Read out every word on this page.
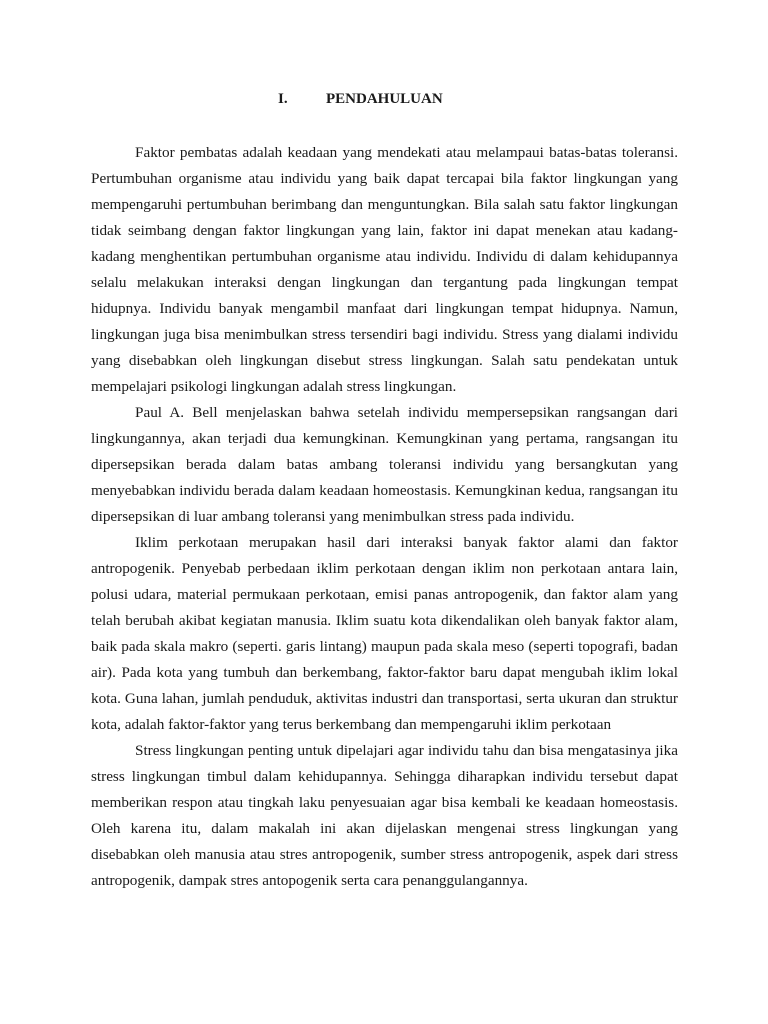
I.	PENDAHULUAN

Faktor pembatas adalah keadaan yang mendekati atau melampaui batas-batas toleransi. Pertumbuhan organisme atau individu yang baik dapat tercapai bila faktor lingkungan yang mempengaruhi pertumbuhan berimbang dan menguntungkan. Bila salah satu faktor lingkungan tidak seimbang dengan faktor lingkungan yang lain, faktor ini dapat menekan atau kadang-kadang menghentikan pertumbuhan organisme atau individu. Individu di dalam kehidupannya selalu melakukan interaksi dengan lingkungan dan tergantung pada lingkungan tempat hidupnya. Individu banyak mengambil manfaat dari lingkungan tempat hidupnya. Namun, lingkungan juga bisa menimbulkan stress tersendiri bagi individu. Stress yang dialami individu yang disebabkan oleh lingkungan disebut stress lingkungan. Salah satu pendekatan untuk mempelajari psikologi lingkungan adalah stress lingkungan.

Paul A. Bell menjelaskan bahwa setelah individu mempersepsikan rangsangan dari lingkungannya, akan terjadi dua kemungkinan. Kemungkinan yang pertama, rangsangan itu dipersepsikan berada dalam batas ambang toleransi individu yang bersangkutan yang menyebabkan individu berada dalam keadaan homeostasis. Kemungkinan kedua, rangsangan itu dipersepsikan di luar ambang toleransi yang menimbulkan stress pada individu.

Iklim perkotaan merupakan hasil dari interaksi banyak faktor alami dan faktor antropogenik. Penyebab perbedaan iklim perkotaan dengan iklim non perkotaan antara lain, polusi udara, material permukaan perkotaan, emisi panas antropogenik, dan faktor alam yang telah berubah akibat kegiatan manusia. Iklim suatu kota dikendalikan oleh banyak faktor alam, baik pada skala makro (seperti. garis lintang) maupun pada skala meso (seperti topografi, badan air). Pada kota yang tumbuh dan berkembang, faktor-faktor baru dapat mengubah iklim lokal kota. Guna lahan, jumlah penduduk, aktivitas industri dan transportasi, serta ukuran dan struktur kota, adalah faktor-faktor yang terus berkembang dan mempengaruhi iklim perkotaan

Stress lingkungan penting untuk dipelajari agar individu tahu dan bisa mengatasinya jika stress lingkungan timbul dalam kehidupannya. Sehingga diharapkan individu tersebut dapat memberikan respon atau tingkah laku penyesuaian agar bisa kembali ke keadaan homeostasis. Oleh karena itu, dalam makalah ini akan dijelaskan mengenai stress lingkungan yang disebabkan oleh manusia atau stres antropogenik, sumber stress antropogenik, aspek dari stress antropogenik, dampak stres antopogenik serta cara penanggulangannya.
